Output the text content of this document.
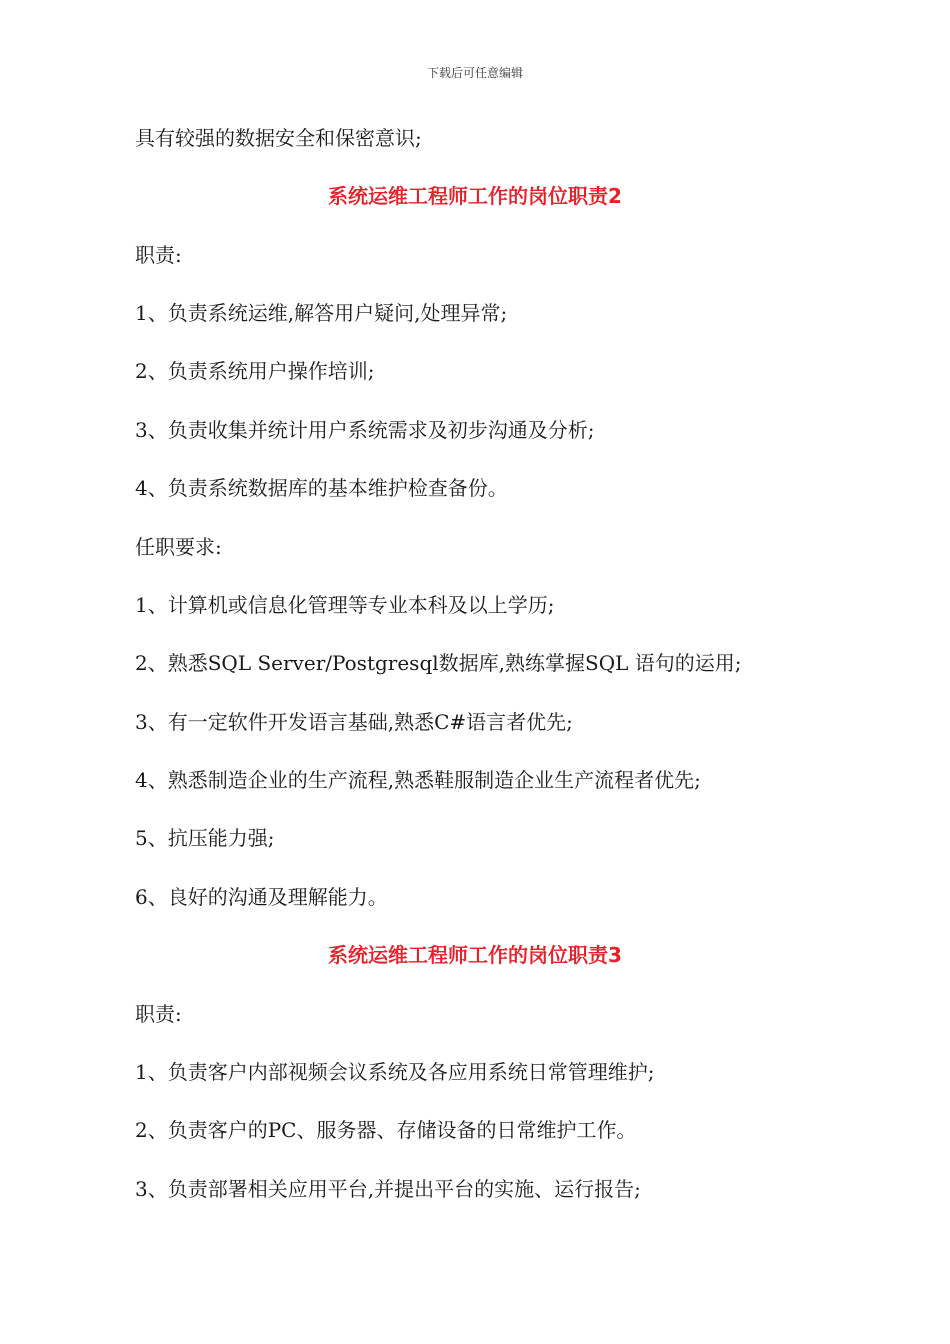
下载后可任意编辑
具有较强的数据安全和保密意识;
系统运维工程师工作的岗位职责2
职责:
1、负责系统运维,解答用户疑问,处理异常;
2、负责系统用户操作培训;
3、负责收集并统计用户系统需求及初步沟通及分析;
4、负责系统数据库的基本维护检查备份。
任职要求:
1、计算机或信息化管理等专业本科及以上学历;
2、熟悉SQL Server/Postgresql数据库,熟练掌握SQL 语句的运用;
3、有一定软件开发语言基础,熟悉C#语言者优先;
4、熟悉制造企业的生产流程,熟悉鞋服制造企业生产流程者优先;
5、抗压能力强;
6、良好的沟通及理解能力。
系统运维工程师工作的岗位职责3
职责:
1、负责客户内部视频会议系统及各应用系统日常管理维护;
2、负责客户的PC、服务器、存储设备的日常维护工作。
3、负责部署相关应用平台,并提出平台的实施、运行报告;
